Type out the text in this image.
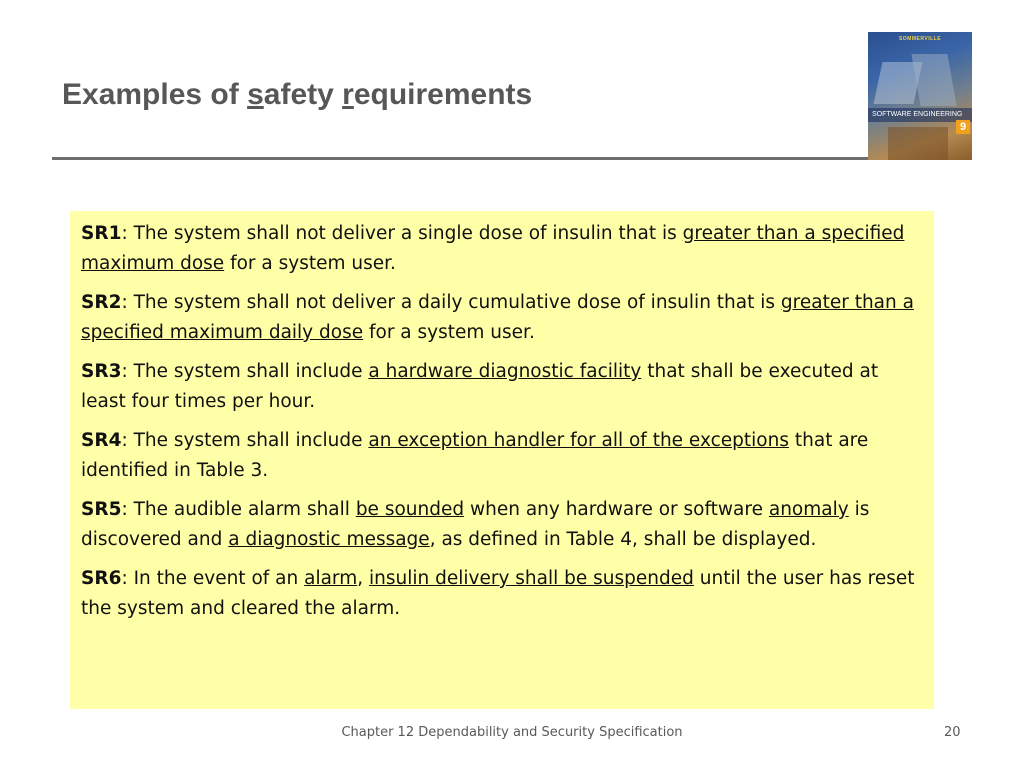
Examples of safety requirements
SOMMERVILLE
SOFTWARE ENGINEERING
9

SR1: The system shall not deliver a single dose of insulin that is greater than a specified maximum dose for a system user.

SR2: The system shall not deliver a daily cumulative dose of insulin that is greater than a specified maximum daily dose for a system user.

SR3: The system shall include a hardware diagnostic facility that shall be executed at least four times per hour.

SR4: The system shall include an exception handler for all of the exceptions that are identified in Table 3.

SR5: The audible alarm shall be sounded when any hardware or software anomaly is discovered and a diagnostic message, as defined in Table 4, shall be displayed.

SR6: In the event of an alarm, insulin delivery shall be suspended until the user has reset the system and cleared the alarm.

Chapter 12 Dependability and Security Specification	20
